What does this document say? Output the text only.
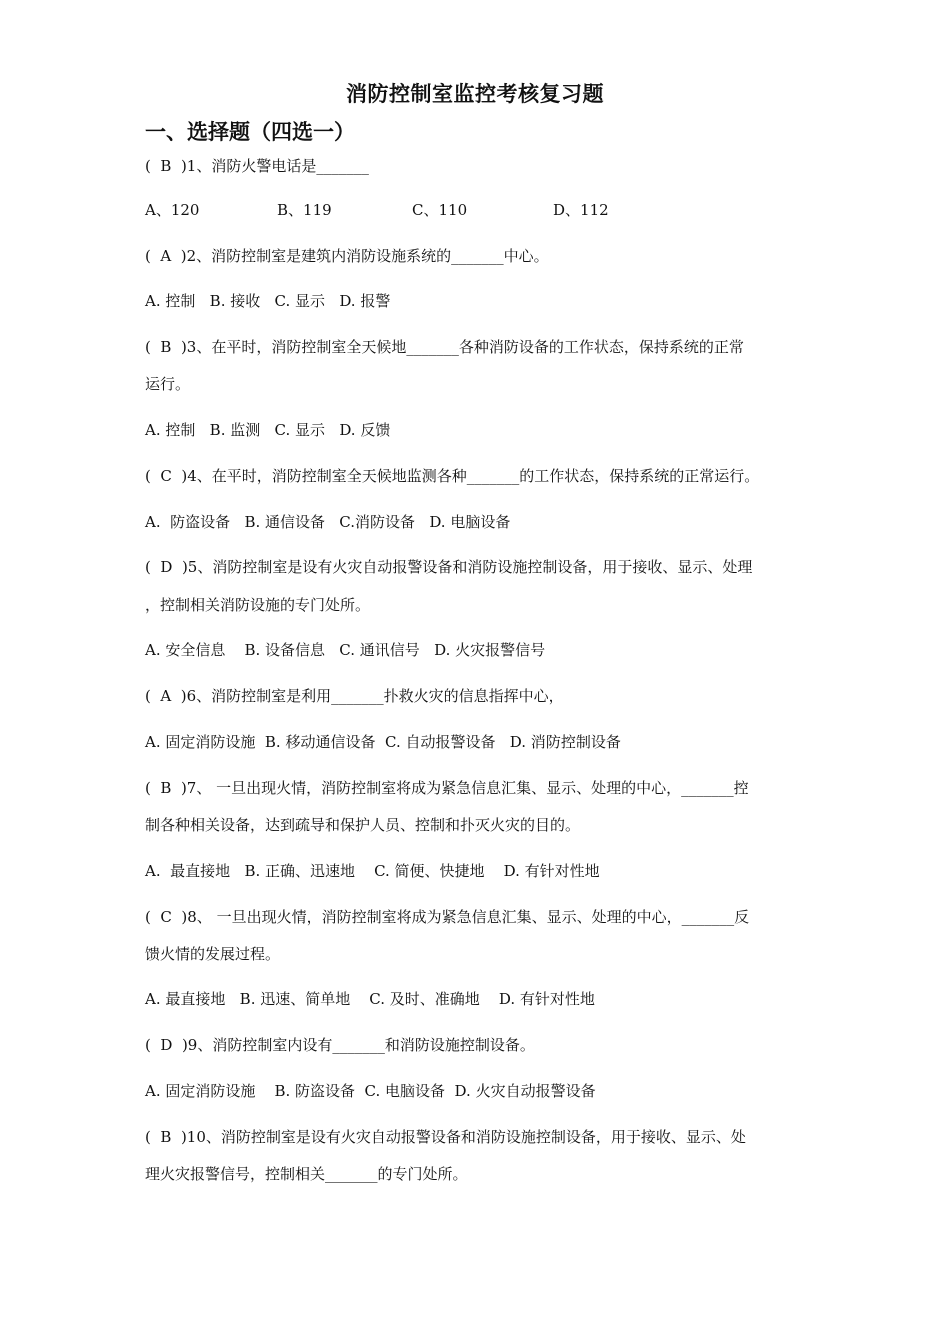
消防控制室监控考核复习题
一、选择题（四选一）
(  B  )1、消防火警电话是_______
A、120	B、119	C、110	D、112
(  A  )2、消防控制室是建筑内消防设施系统的_______中心。
A. 控制   B. 接收   C. 显示   D. 报警
(  B  )3、在平时，消防控制室全天候地_______各种消防设备的工作状态，保持系统的正常
运行。
A. 控制   B. 监测   C. 显示   D. 反馈
(  C  )4、在平时，消防控制室全天候地监测各种_______的工作状态，保持系统的正常运行。
A.  防盗设备   B. 通信设备   C.消防设备   D. 电脑设备
(  D  )5、消防控制室是设有火灾自动报警设备和消防设施控制设备，用于接收、显示、处理
，控制相关消防设施的专门处所。
A. 安全信息    B. 设备信息   C. 通讯信号   D. 火灾报警信号
(  A  )6、消防控制室是利用_______扑救火灾的信息指挥中心，
A. 固定消防设施  B. 移动通信设备  C. 自动报警设备   D. 消防控制设备
(  B  )7、 一旦出现火情，消防控制室将成为紧急信息汇集、显示、处理的中心，_______控
制各种相关设备，达到疏导和保护人员、控制和扑灭火灾的目的。
A.  最直接地   B. 正确、迅速地    C. 简便、快捷地    D. 有针对性地
(  C  )8、 一旦出现火情，消防控制室将成为紧急信息汇集、显示、处理的中心，_______反
馈火情的发展过程。
A. 最直接地   B. 迅速、简单地    C. 及时、准确地    D. 有针对性地
(  D  )9、消防控制室内设有_______和消防设施控制设备。
A. 固定消防设施    B. 防盗设备  C. 电脑设备  D. 火灾自动报警设备
(  B  )10、消防控制室是设有火灾自动报警设备和消防设施控制设备，用于接收、显示、处
理火灾报警信号，控制相关_______的专门处所。
